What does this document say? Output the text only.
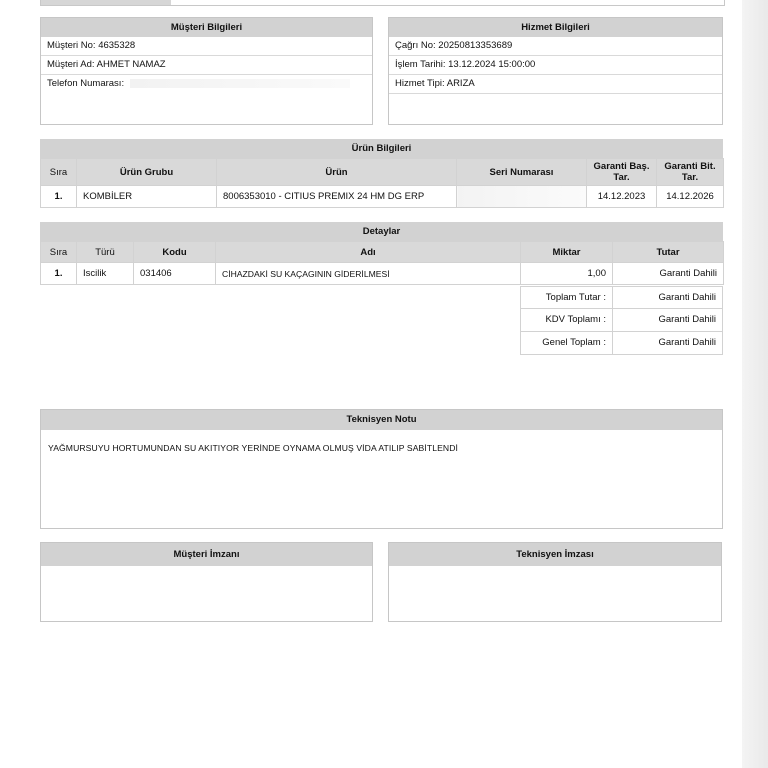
Müşteri Bilgileri
Müşteri No: 4635328
Müşteri Ad: AHMET NAMAZ
Telefon Numarası:
Hizmet Bilgileri
Çağrı No: 20250813353689
İşlem Tarihi: 13.12.2024 15:00:00
Hizmet Tipi: ARIZA
Ürün Bilgileri
Sıra	Ürün Grubu	Ürün	Seri Numarası	Garanti Baş. Tar.	Garanti Bit. Tar.
1.	KOMBİLER	8006353010 - CITIUS PREMIX 24 HM DG ERP		14.12.2023	14.12.2026
Detaylar
Sıra	Türü	Kodu	Adı	Miktar	Tutar
1.	Iscilik	031406	CİHAZDAKİ SU KAÇAGININ GİDERİLMESİ	1,00	Garanti Dahili
Toplam Tutar :	Garanti Dahili
KDV Toplamı :	Garanti Dahili
Genel Toplam :	Garanti Dahili
Teknisyen Notu
YAĞMURSUYU HORTUMUNDAN SU AKITIYOR YERİNDE OYNAMA OLMUŞ VİDA ATILIP SABİTLENDİ
Müşteri İmzanı	Teknisyen İmzası
